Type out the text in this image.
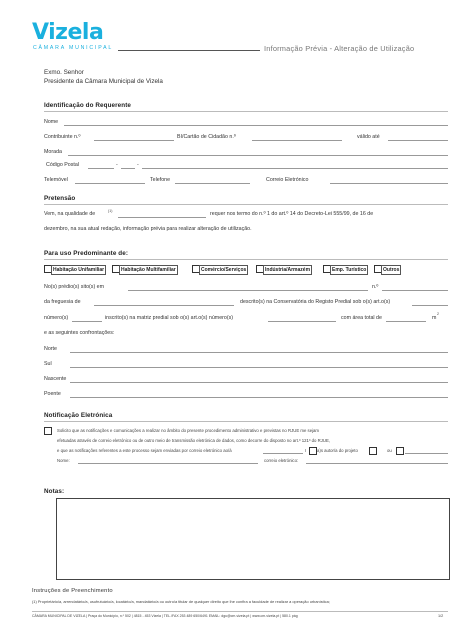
Vizela
CÂMARA MUNICIPAL	Informação Prévia - Alteração de Utilização
Exmo. Senhor
Presidente da Câmara Municipal de Vizela
Identificação do Requerente
Nome
Contribuinte n.º	BI/Cartão de Cidadão n.º	válido até
Morada
Código Postal	-	-
Telemóvel	Telefone	Correio Eletrónico
Pretensão
Vem, na qualidade de	(1)	requer nos termo do n.º 1 do art.º 14 do Decreto-Lei 555/99, de 16 de
dezembro, na sua atual redação, informação prévia para realizar alteração de utilização.
Para uso Predominante de:
Habitação Unifamiliar	Habitação Multifamiliar	Comércio/Serviços	Indústria/Armazém	Emp. Turístico	Outros
No(s) prédio(s) sito(s) em	n.º
da freguesia de	descrito(s) na Conservatória do Registo Predial sob o(s) art.o(s)
número(s)	inscrito(s) na matriz predial sob o(s) art.o(s) número(s)	com área total de	m
2
e as seguintes confrontações:
Norte
Sul
Nascente
Poente
Notificação Eletrónica
Solicito que as notificações e comunicações a realizar no âmbito do presente procedimento administrativo e previstas no RJUE me sejam
efetuadas através de correio eletrónico ou de outro meio de transmissão eletrónica de dados, como decorre do disposto no art.º 121º do RJUE,
e que as notificações referentes a este processo sejam enviadas por correio eletrónico ao/à	I	a)s autor/a do projeto	ou
Nome:	correio eletrónico:
Notas:
Instruções de Preenchimento
(1) Proprietário/a, arrendatário/a, usufrutuário/a, locatário/a, mandatário/a ou outro/a titular de qualquer direito que lhe confira a faculdade de realizar a operação urbanística;
CÂMARA MUNICIPAL DE VIZELA | Praça do Município, n.º 502 | 4815 - 453 Vizela | TEL./FAX 253 489 650/6491 EMAIL: dgu@cm-vizela.pt | www.cm-vizela.pt | 580.1 pág	1/2
